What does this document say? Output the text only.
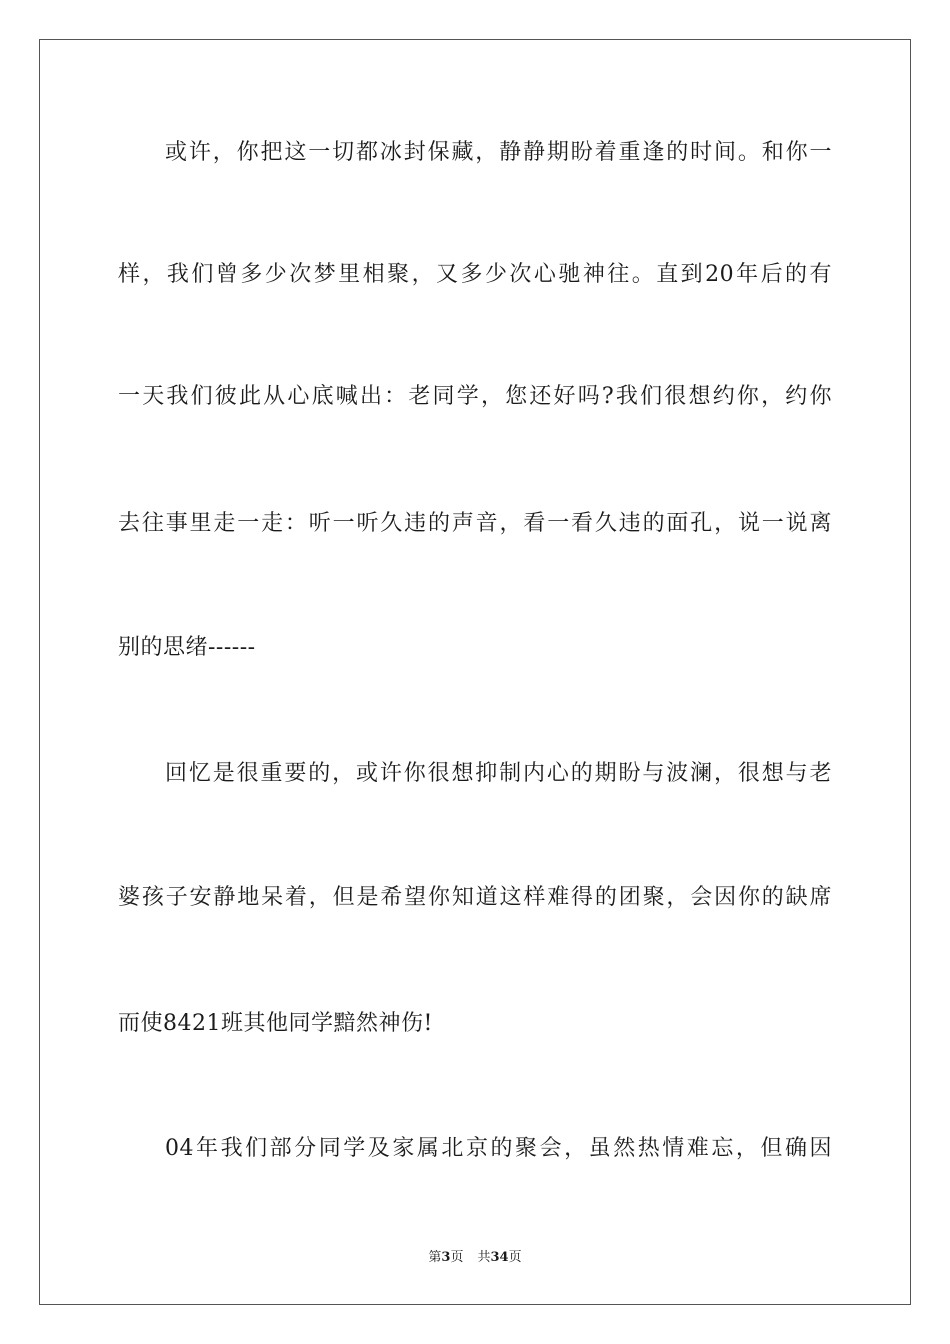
或许，你把这一切都冰封保藏，静静期盼着重逢的时间。和你一
样，我们曾多少次梦里相聚，又多少次心驰神往。直到20年后的有
一天我们彼此从心底喊出：老同学，您还好吗?我们很想约你，约你
去往事里走一走：听一听久违的声音，看一看久违的面孔，说一说离
别的思绪------
回忆是很重要的，或许你很想抑制内心的期盼与波澜，很想与老
婆孩子安静地呆着，但是希望你知道这样难得的团聚，会因你的缺席
而使8421班其他同学黯然神伤!
04年我们部分同学及家属北京的聚会，虽然热情难忘，但确因
第3页 共34页
